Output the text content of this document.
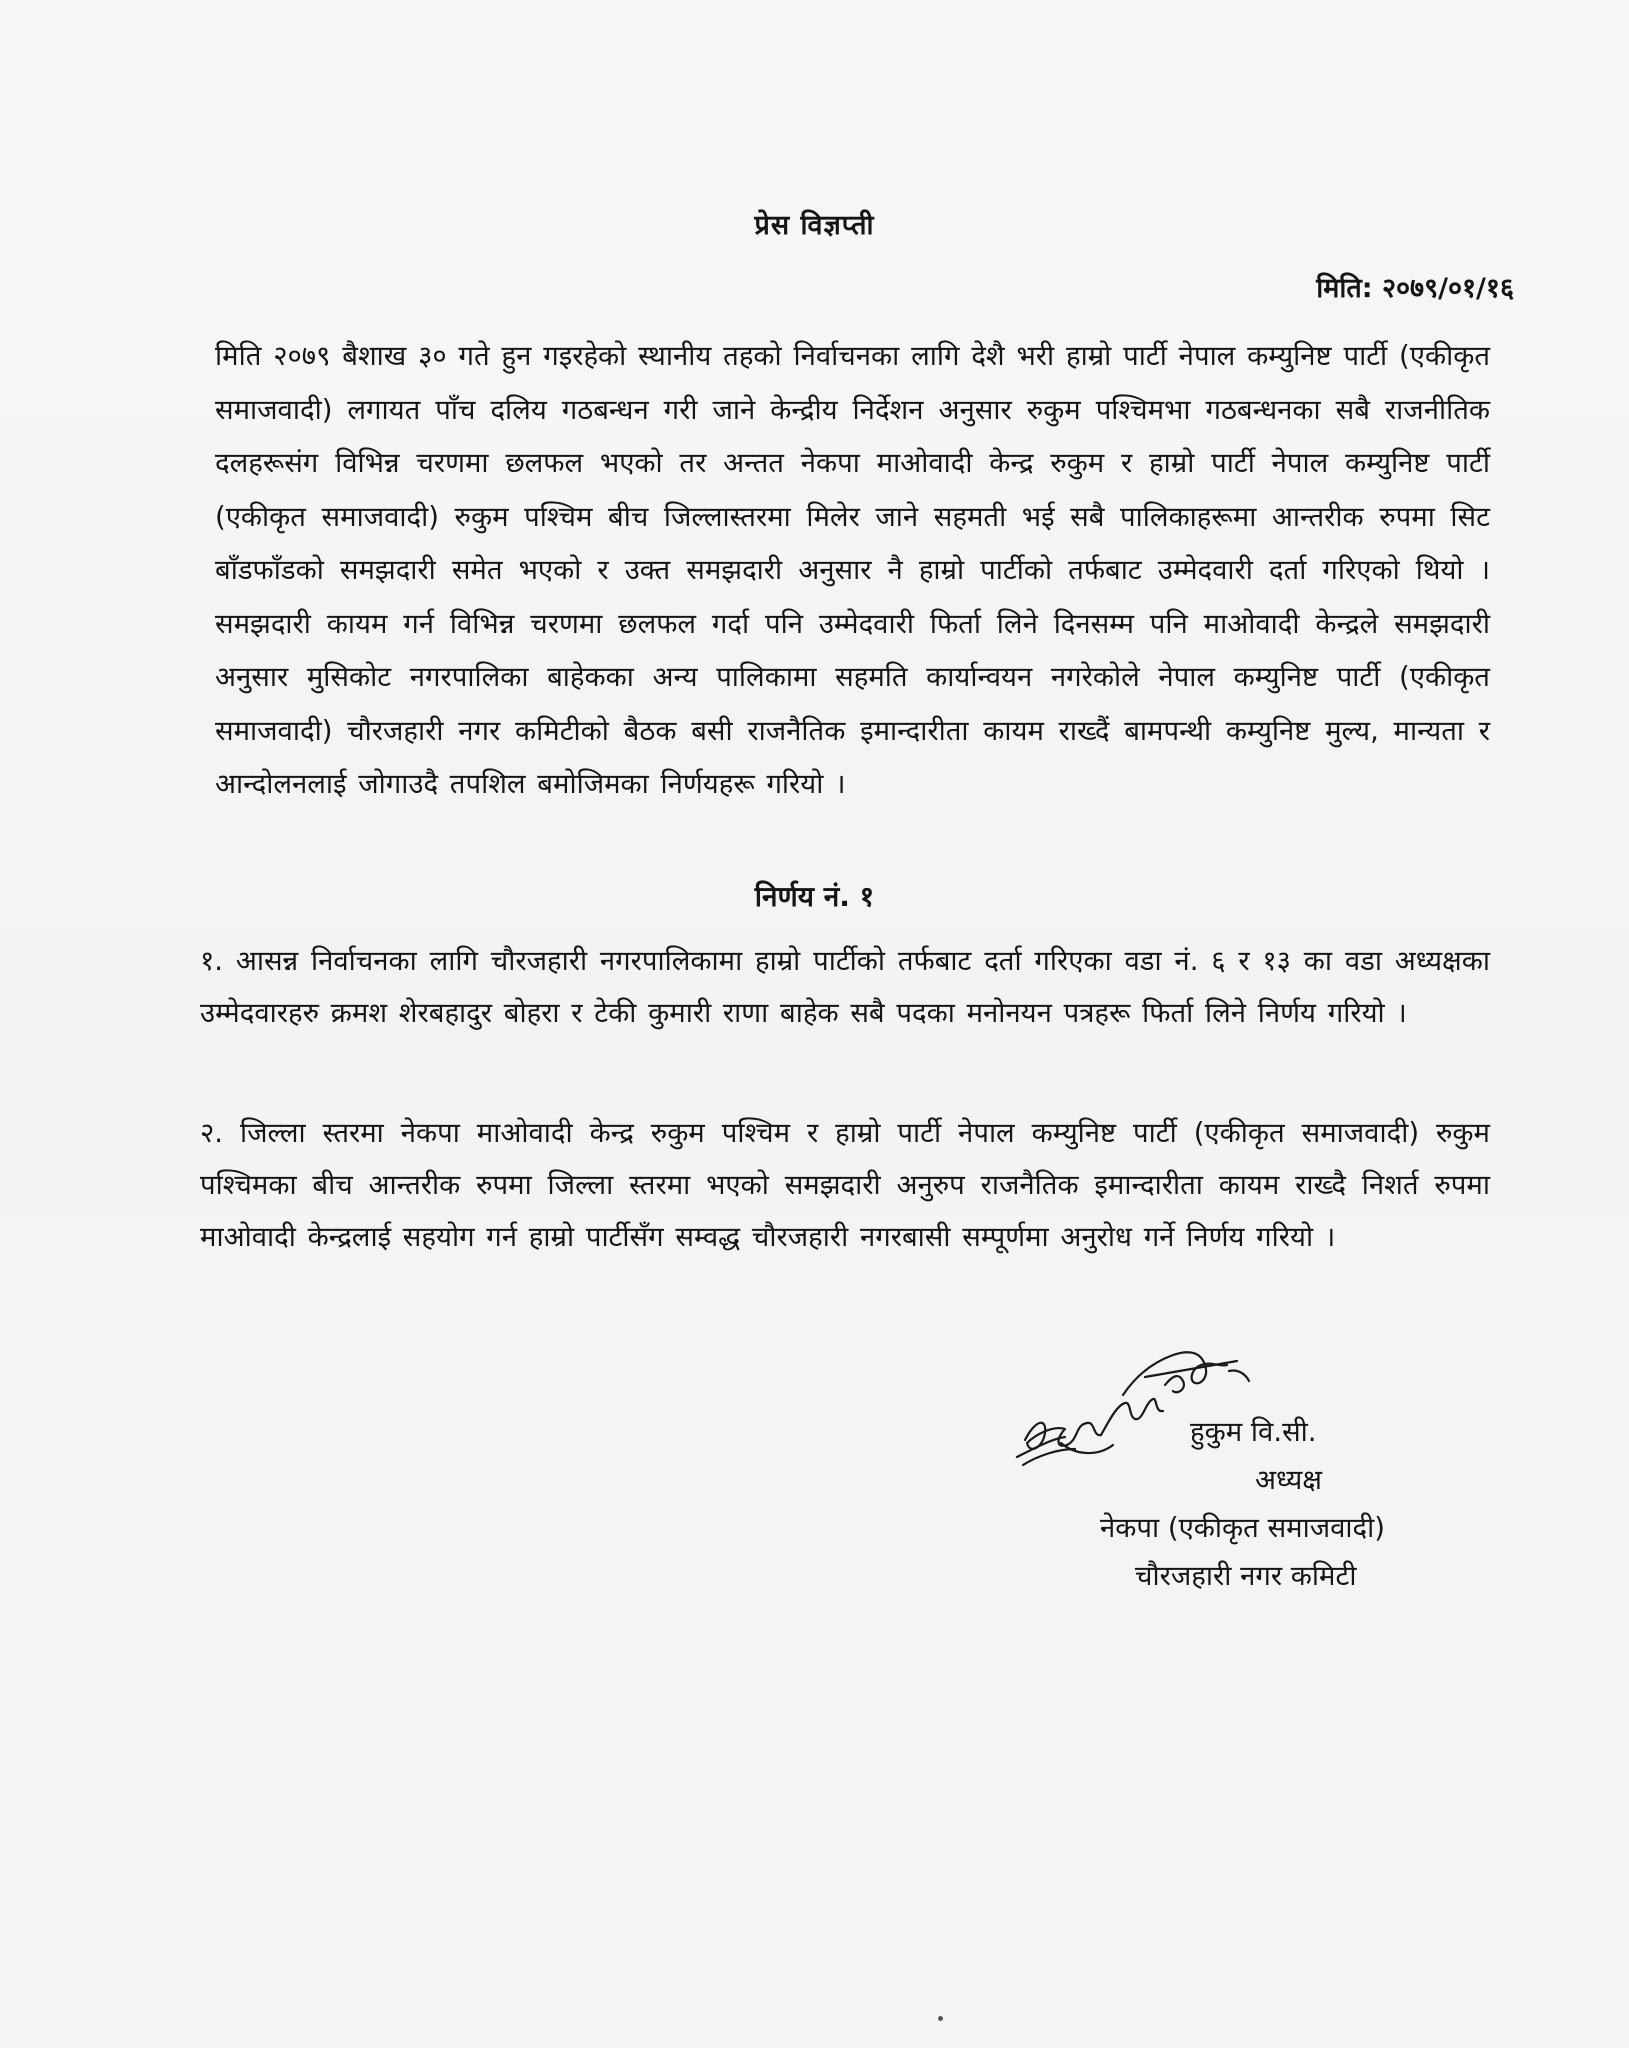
प्रेस विज्ञप्ती
मिति: २०७९/०१/१६
मिति २०७९ बैशाख ३० गते हुन गइरहेको स्थानीय तहको निर्वाचनका लागि देशै भरी हाम्रो पार्टी नेपाल कम्युनिष्ट पार्टी (एकीकृत समाजवादी) लगायत पाँच दलिय गठबन्धन गरी जाने केन्द्रीय निर्देशन अनुसार रुकुम पश्चिमभा गठबन्धनका सबै राजनीतिक दलहरूसंग विभिन्न चरणमा छलफल भएको तर अन्तत नेकपा माओवादी केन्द्र रुकुम र हाम्रो पार्टी नेपाल कम्युनिष्ट पार्टी (एकीकृत समाजवादी) रुकुम पश्चिम बीच जिल्लास्तरमा मिलेर जाने सहमती भई सबै पालिकाहरूमा आन्तरीक रुपमा सिट बाँडफाँडको समझदारी समेत भएको र उक्त समझदारी अनुसार नै हाम्रो पार्टीको तर्फबाट उम्मेदवारी दर्ता गरिएको थियो । समझदारी कायम गर्न विभिन्न चरणमा छलफल गर्दा पनि उम्मेदवारी फिर्ता लिने दिनसम्म पनि माओवादी केन्द्रले समझदारी अनुसार मुसिकोट नगरपालिका बाहेकका अन्य पालिकामा सहमति कार्यान्वयन नगरेकोले नेपाल कम्युनिष्ट पार्टी (एकीकृत समाजवादी) चौरजहारी नगर कमिटीको बैठक बसी राजनैतिक इमान्दारीता कायम राख्दैं बामपन्थी कम्युनिष्ट मुल्य, मान्यता र आन्दोलनलाई जोगाउदै तपशिल बमोजिमका निर्णयहरू गरियो ।
निर्णय नं. १
१. आसन्न निर्वाचनका लागि चौरजहारी नगरपालिकामा हाम्रो पार्टीको तर्फबाट दर्ता गरिएका वडा नं. ६ र १३ का वडा अध्यक्षका उम्मेदवारहरु क्रमश शेरबहादुर बोहरा र टेकी कुमारी राणा बाहेक सबै पदका मनोनयन पत्रहरू फिर्ता लिने निर्णय गरियो ।
२. जिल्ला स्तरमा नेकपा माओवादी केन्द्र रुकुम पश्चिम र हाम्रो पार्टी नेपाल कम्युनिष्ट पार्टी (एकीकृत समाजवादी) रुकुम पश्चिमका बीच आन्तरीक रुपमा जिल्ला स्तरमा भएको समझदारी अनुरुप राजनैतिक इमान्दारीता कायम राख्दै निशर्त रुपमा माओवादी केन्द्रलाई सहयोग गर्न हाम्रो पार्टीसँग सम्वद्ध चौरजहारी नगरबासी सम्पूर्णमा अनुरोध गर्ने निर्णय गरियो ।
हुकुम वि.सी.
अध्यक्ष
नेकपा (एकीकृत समाजवादी)
चौरजहारी नगर कमिटी
